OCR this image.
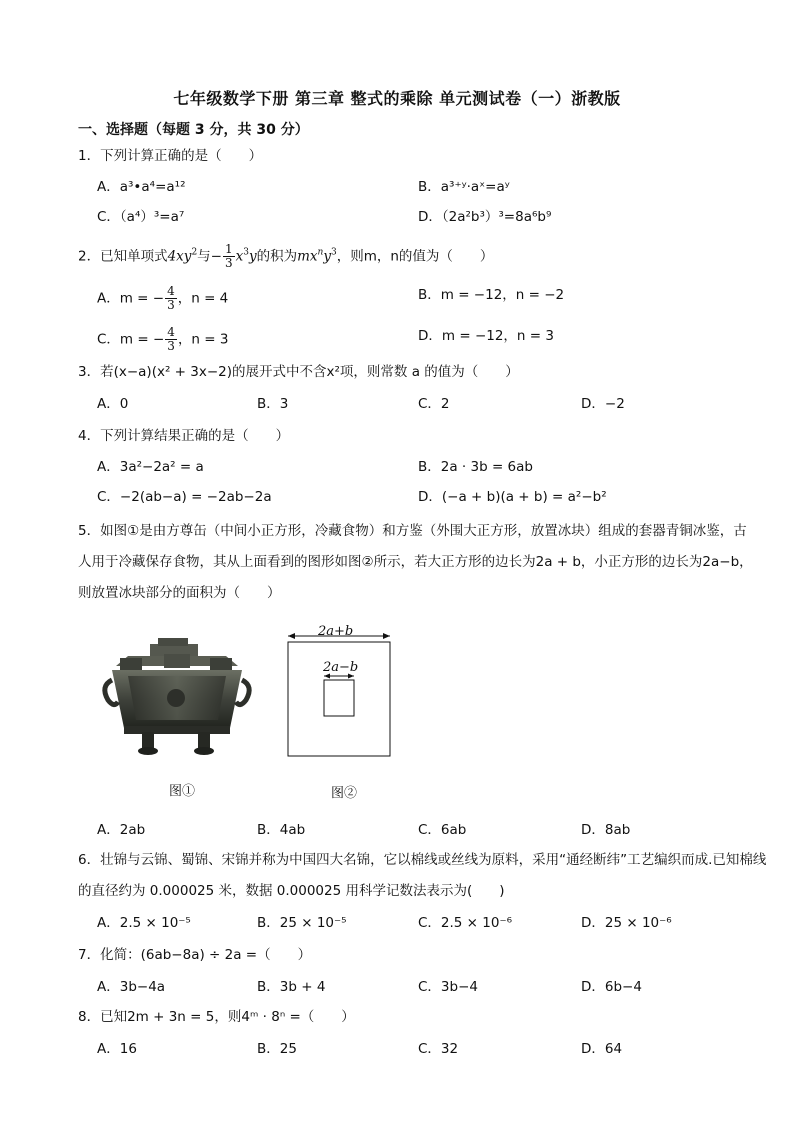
七年级数学下册 第三章 整式的乘除 单元测试卷（一）浙教版
一、选择题（每题 3 分，共 30 分）
1．下列计算正确的是（　　）
A．a³•a⁴=a¹²	B．a³⁺ʸ·aˣ=aʸ
C．（a⁴）³=a⁷	D．（2a²b³）³=8a⁶b⁹
2．已知单项式$4xy^2$与− $\frac{1}{3} x^3y$的积为$mx^ny^3$，则m，n的值为（　　）
A．m = − $\frac{4}{3}$ ，n = 4	B．m = −12，n = −2
C．m = − $\frac{4}{3}$ ，n = 3	D．m = −12，n = 3
3．若(x−a)(x² + 3x−2)的展开式中不含x²项，则常数 a 的值为（　　）
A．0	B．3	C．2	D．−2
4．下列计算结果正确的是（　　）
A．3a²−2a² = a	B．2a · 3b = 6ab
C．−2(ab−a) = −2ab−2a	D．(−a + b)(a + b) = a²−b²
5．如图①是由方尊缶（中间小正方形，冷藏食物）和方鉴（外围大正方形，放置冰块）组成的套器青铜冰鉴，古人用于冷藏保存食物，其从上面看到的图形如图②所示，若大正方形的边长为2a + b，小正方形的边长为2a−b，则放置冰块部分的面积为（　　）
图①
2a+b
2a−b
图②
A．2ab	B．4ab	C．6ab	D．8ab
6．壮锦与云锦、蜀锦、宋锦并称为中国四大名锦，它以棉线或丝线为原料，采用“通经断纬”工艺编织而成.已知棉线的直径约为 0.000025 米，数据 0.000025 用科学记数法表示为(　　)
A．2.5 × 10⁻⁵	B．25 × 10⁻⁵	C．2.5 × 10⁻⁶	D．25 × 10⁻⁶
7．化简：(6ab−8a) ÷ 2a =（　　）
A．3b−4a	B．3b + 4	C．3b−4	D．6b−4
8．已知2m + 3n = 5，则4ᵐ · 8ⁿ =（　　）
A．16	B．25	C．32	D．64
